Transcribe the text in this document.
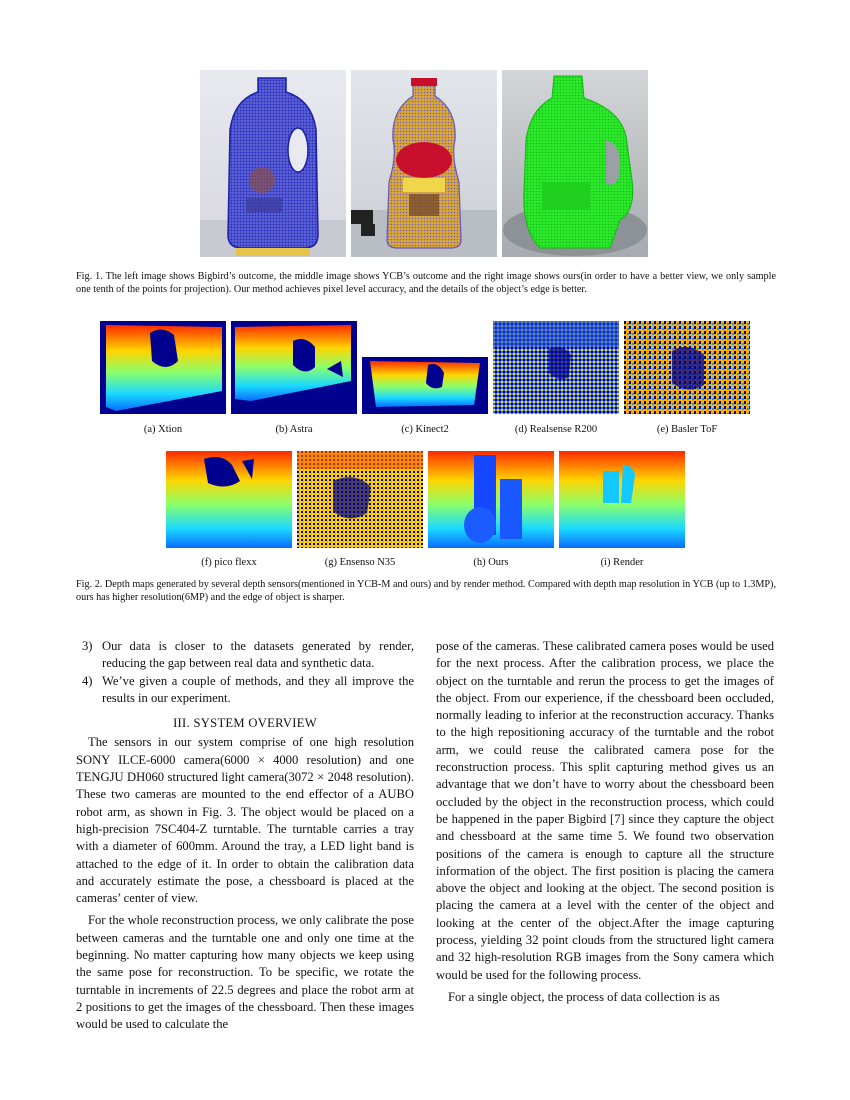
Fig. 1. The left image shows Bigbird’s outcome, the middle image shows YCB’s outcome and the right image shows ours(in order to have a better view, we only sample one tenth of the points for projection). Our method achieves pixel level accuracy, and the details of the object’s edge is better.
(a) Xtion	(b) Astra	(c) Kinect2	(d) Realsense R200	(e) Basler ToF
(f) pico flexx	(g) Ensenso N35	(h) Ours	(i) Render
Fig. 2. Depth maps generated by several depth sensors(mentioned in YCB-M and ours) and by render method. Compared with depth map resolution in YCB (up to 1.3MP), ours has higher resolution(6MP) and the edge of object is sharper.
3) Our data is closer to the datasets generated by render, reducing the gap between real data and synthetic data.
4) We’ve given a couple of methods, and they all improve the results in our experiment.
III. SYSTEM OVERVIEW

The sensors in our system comprise of one high resolution SONY ILCE-6000 camera(6000 × 4000 resolution) and one TENGJU DH060 structured light camera(3072 × 2048 resolution). These two cameras are mounted to the end effector of a AUBO robot arm, as shown in Fig. 3. The object would be placed on a high-precision 7SC404-Z turntable. The turntable carries a tray with a diameter of 600mm. Around the tray, a LED light band is attached to the edge of it. In order to obtain the calibration data and accurately estimate the pose, a chessboard is placed at the cameras’ center of view.

For the whole reconstruction process, we only calibrate the pose between cameras and the turntable one and only one time at the beginning. No matter capturing how many objects we keep using the same pose for reconstruction. To be specific, we rotate the turntable in increments of 22.5 degrees and place the robot arm at 2 positions to get the images of the chessboard. Then these images would be used to calculate the

pose of the cameras. These calibrated camera poses would be used for the next process. After the calibration process, we place the object on the turntable and rerun the process to get the images of the object. From our experience, if the chessboard been occluded, normally leading to inferior at the reconstruction accuracy. Thanks to the high repositioning accuracy of the turntable and the robot arm, we could reuse the calibrated camera pose for the reconstruction process. This split capturing method gives us an advantage that we don’t have to worry about the chessboard been occluded by the object in the reconstruction process, which could be happened in the paper Bigbird [7] since they capture the object and chessboard at the same time 5. We found two observation positions of the camera is enough to capture all the structure information of the object. The first position is placing the camera above the object and looking at the object. The second position is placing the camera at a level with the center of the object and looking at the center of the object.After the image capturing process, yielding 32 point clouds from the structured light camera and 32 high-resolution RGB images from the Sony camera which would be used for the following process.

For a single object, the process of data collection is as
